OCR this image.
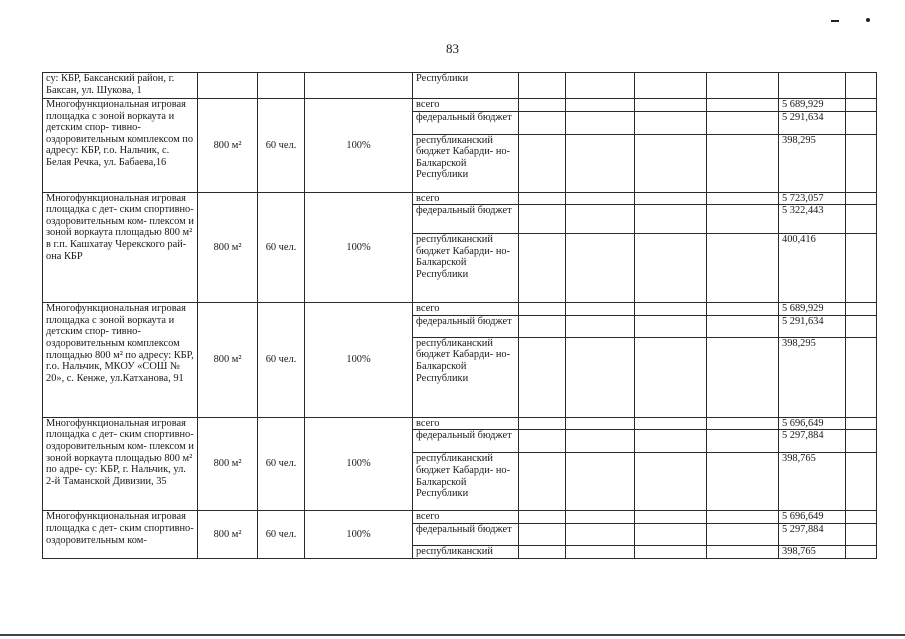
83
су: КБР, Баксанский район, г. Баксан, ул. Шукова, 1				Республики							
Многофункциональная игровая площадка с зоной воркаута и детским спор- тивно-оздоровительным комплексом по адресу: КБР, г.о. Нальчик, с. Белая Речка, ул. Бабаева,16	800 м²	60 чел.	100%	всего					5 689,929		
				федеральный бюджет					5 291,634		
				республиканский бюджет Кабарди- но-Балкарской Республики					398,295		
Многофункциональная игровая площадка с дет- ским спортивно- оздоровительным ком- плексом и зоной воркаута площадью 800 м² в г.п. Кашхатау Черекского рай- она КБР	800 м²	60 чел.	100%	всего					5 723,057		
				федеральный бюджет					5 322,443		
				республиканский бюджет Кабарди- но-Балкарской Республики					400,416		
Многофункциональная игровая площадка с зоной воркаута и детским спор- тивно-оздоровительным комплексом площадью 800 м² по адресу: КБР, г.о. Нальчик, МКОУ «СОШ № 20», с. Кенже, ул.Катханова, 91	800 м²	60 чел.	100%	всего					5 689,929		
				федеральный бюджет					5 291,634		
				республиканский бюджет Кабарди- но-Балкарской Республики					398,295		
Многофункциональная игровая площадка с дет- ским спортивно- оздоровительным ком- плексом и зоной воркаута площадью 800 м² по адре- су: КБР, г. Нальчик, ул. 2-й Таманской Дивизии, 35	800 м²	60 чел.	100%	всего					5 696,649		
				федеральный бюджет					5 297,884		
				республиканский бюджет Кабарди- но-Балкарской Республики					398,765		
Многофункциональная игровая площадка с дет- ским спортивно- оздоровительным ком-	800 м²	60 чел.	100%	всего					5 696,649		
				федеральный бюджет					5 297,884		
				республиканский					398,765		
